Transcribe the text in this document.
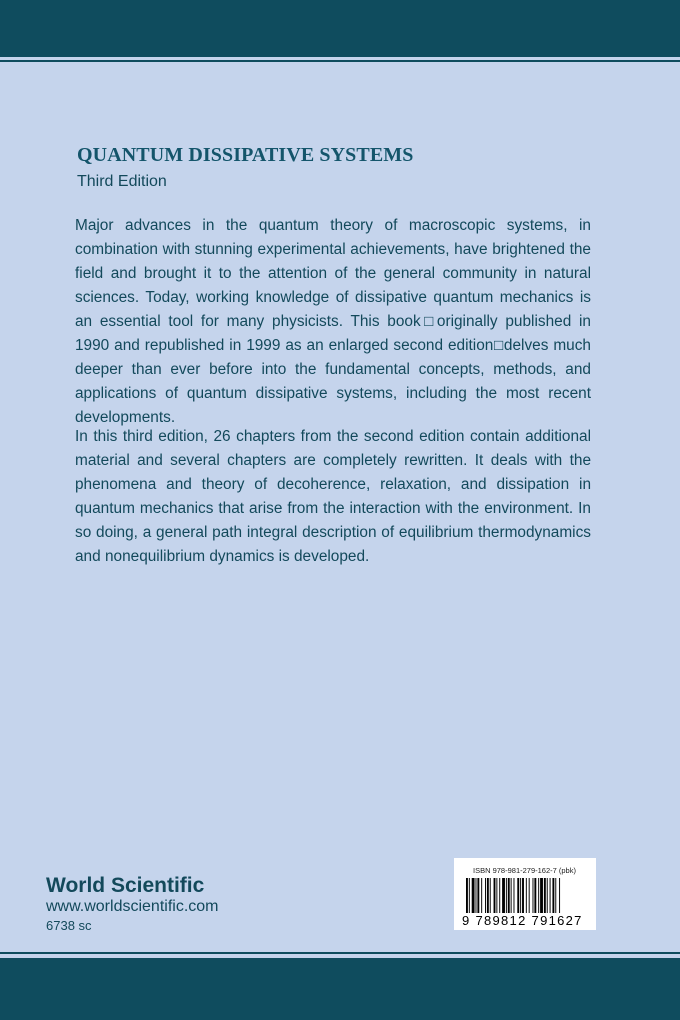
QUANTUM DISSIPATIVE SYSTEMS
Third Edition

Major advances in the quantum theory of macroscopic systems, in combination with stunning experimental achievements, have brightened the field and brought it to the attention of the general community in natural sciences. Today, working knowledge of dissipative quantum mechanics is an essential tool for many physicists. This book□originally published in 1990 and republished in 1999 as an enlarged second edition□delves much deeper than ever before into the fundamental concepts, methods, and applications of quantum dissipative systems, including the most recent developments.

In this third edition, 26 chapters from the second edition contain additional material and several chapters are completely rewritten. It deals with the phenomena and theory of decoherence, relaxation, and dissipation in quantum mechanics that arise from the interaction with the environment. In so doing, a general path integral description of equilibrium thermodynamics and nonequilibrium dynamics is developed.

World Scientific
www.worldscientific.com
6738 sc
ISBN 978-981-279-162-7 (pbk)
9 789812 791627
